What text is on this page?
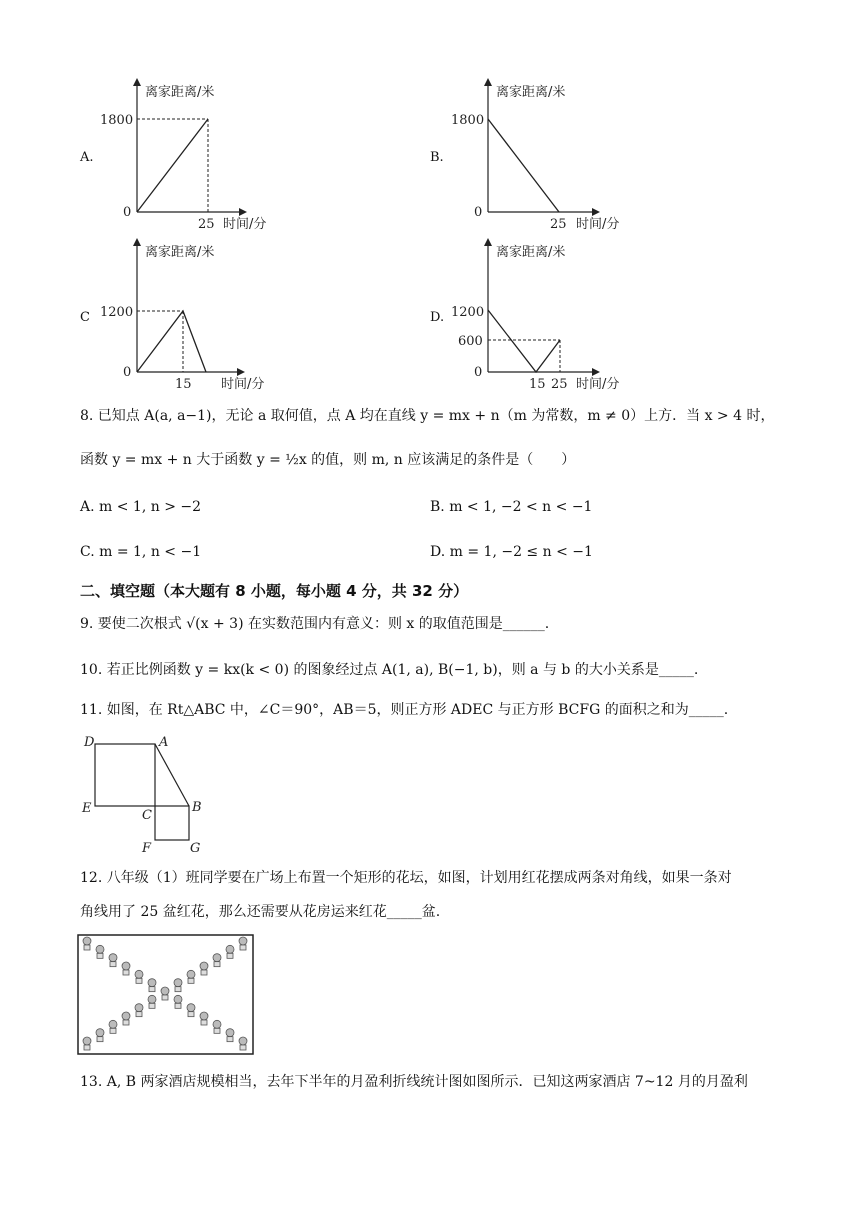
A.
离家距离/米
时间/分
0
1800
25
B.
离家距离/米
时间/分
0
1800
25
C
离家距离/米
时间/分
0
1200
15
D.
离家距离/米
时间/分
0
1200
600
15 25
8. 已知点 A(a, a−1)，无论 a 取何值，点 A 均在直线 y = mx + n（m 为常数，m ≠ 0）上方．当 x > 4 时，
函数 y = mx + n 大于函数 y = ½x 的值，则 m, n 应该满足的条件是（　　）
A. m < 1, n > −2	B. m < 1, −2 < n < −1
C. m = 1, n < −1	D. m = 1, −2 ≤ n < −1
二、填空题（本大题有 8 小题，每小题 4 分，共 32 分）
9. 要使二次根式 √(x + 3) 在实数范围内有意义：则 x 的取值范围是______.
10. 若正比例函数 y = kx(k < 0) 的图象经过点 A(1, a), B(−1, b)，则 a 与 b 的大小关系是_____.
11. 如图，在 Rt△ABC 中，∠C＝90°，AB＝5，则正方形 ADEC 与正方形 BCFG 的面积之和为_____.
D	A
E	C
B
F	G
12. 八年级（1）班同学要在广场上布置一个矩形的花坛，如图，计划用红花摆成两条对角线，如果一条对
角线用了 25 盆红花，那么还需要从花房运来红花_____盆.
13. A, B 两家酒店规模相当，去年下半年的月盈利折线统计图如图所示．已知这两家酒店 7~12 月的月盈利
